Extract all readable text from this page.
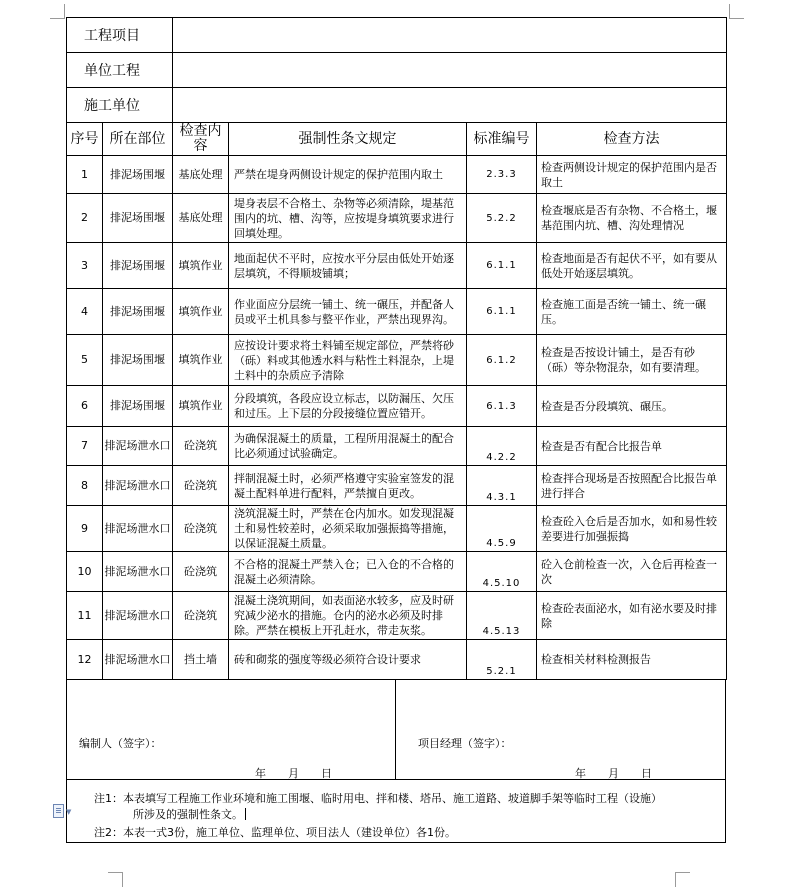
工程项目					
单位工程					
施工单位					
序号	所在部位	检查内容	强制性条文规定	标准编号	检查方法
1	排泥场围堰	基底处理	严禁在堤身两侧设计规定的保护范围内取土	2.3.3	检查两侧设计规定的保护范围内是否取土
2	排泥场围堰	基底处理	堤身表层不合格土、杂物等必须清除，堤基范围内的坑、槽、沟等，应按堤身填筑要求进行回填处理。	5.2.2	检查堰底是否有杂物、不合格土，堰基范围内坑、槽、沟处理情况
3	排泥场围堰	填筑作业	地面起伏不平时，应按水平分层由低处开始逐层填筑，不得顺坡铺填；	6.1.1	检查地面是否有起伏不平，如有要从低处开始逐层填筑。
4	排泥场围堰	填筑作业	作业面应分层统一铺土、统一碾压，并配备人员或平土机具参与整平作业，严禁出现界沟。	6.1.1	检查施工面是否统一铺土、统一碾压。
5	排泥场围堰	填筑作业	应按设计要求将土料铺至规定部位，严禁将砂（砾）料或其他透水料与粘性土料混杂，上堤土料中的杂质应予清除	6.1.2	检查是否按设计铺土，是否有砂（砾）等杂物混杂，如有要清理。
6	排泥场围堰	填筑作业	分段填筑，各段应设立标志，以防漏压、欠压和过压。上下层的分段接缝位置应错开。	6.1.3	检查是否分段填筑、碾压。
7	排泥场泄水口	砼浇筑	为确保混凝土的质量，工程所用混凝土的配合比必须通过试验确定。	4.2.2	检查是否有配合比报告单
8	排泥场泄水口	砼浇筑	拌制混凝土时，必须严格遵守实验室签发的混凝土配料单进行配料，严禁擅自更改。	4.3.1	检查拌合现场是否按照配合比报告单进行拌合
9	排泥场泄水口	砼浇筑	浇筑混凝土时，严禁在仓内加水。如发现混凝土和易性较差时，必须采取加强振捣等措施，以保证混凝土质量。	4.5.9	检查砼入仓后是否加水，如和易性较差要进行加强振捣
10	排泥场泄水口	砼浇筑	不合格的混凝土严禁入仓；已入仓的不合格的混凝土必须清除。	4.5.10	砼入仓前检查一次，入仓后再检查一次
11	排泥场泄水口	砼浇筑	混凝土浇筑期间，如表面泌水较多，应及时研究减少泌水的措施。仓内的泌水必须及时排除。严禁在模板上开孔赶水，带走灰浆。	4.5.13	检查砼表面泌水，如有泌水要及时排除
12	排泥场泄水口	挡土墙	砖和砌浆的强度等级必须符合设计要求	5.2.1	检查相关材料检测报告
编制人（签字）：	项目经理（签字）：
年　　月　　日	年　　月　　日
注1：本表填写工程施工作业环境和施工围堰、临时用电、拌和楼、塔吊、施工道路、坡道脚手架等临时工程（设施）
所涉及的强制性条文。
注2：本表一式3份，施工单位、监理单位、项目法人（建设单位）各1份。
▼
